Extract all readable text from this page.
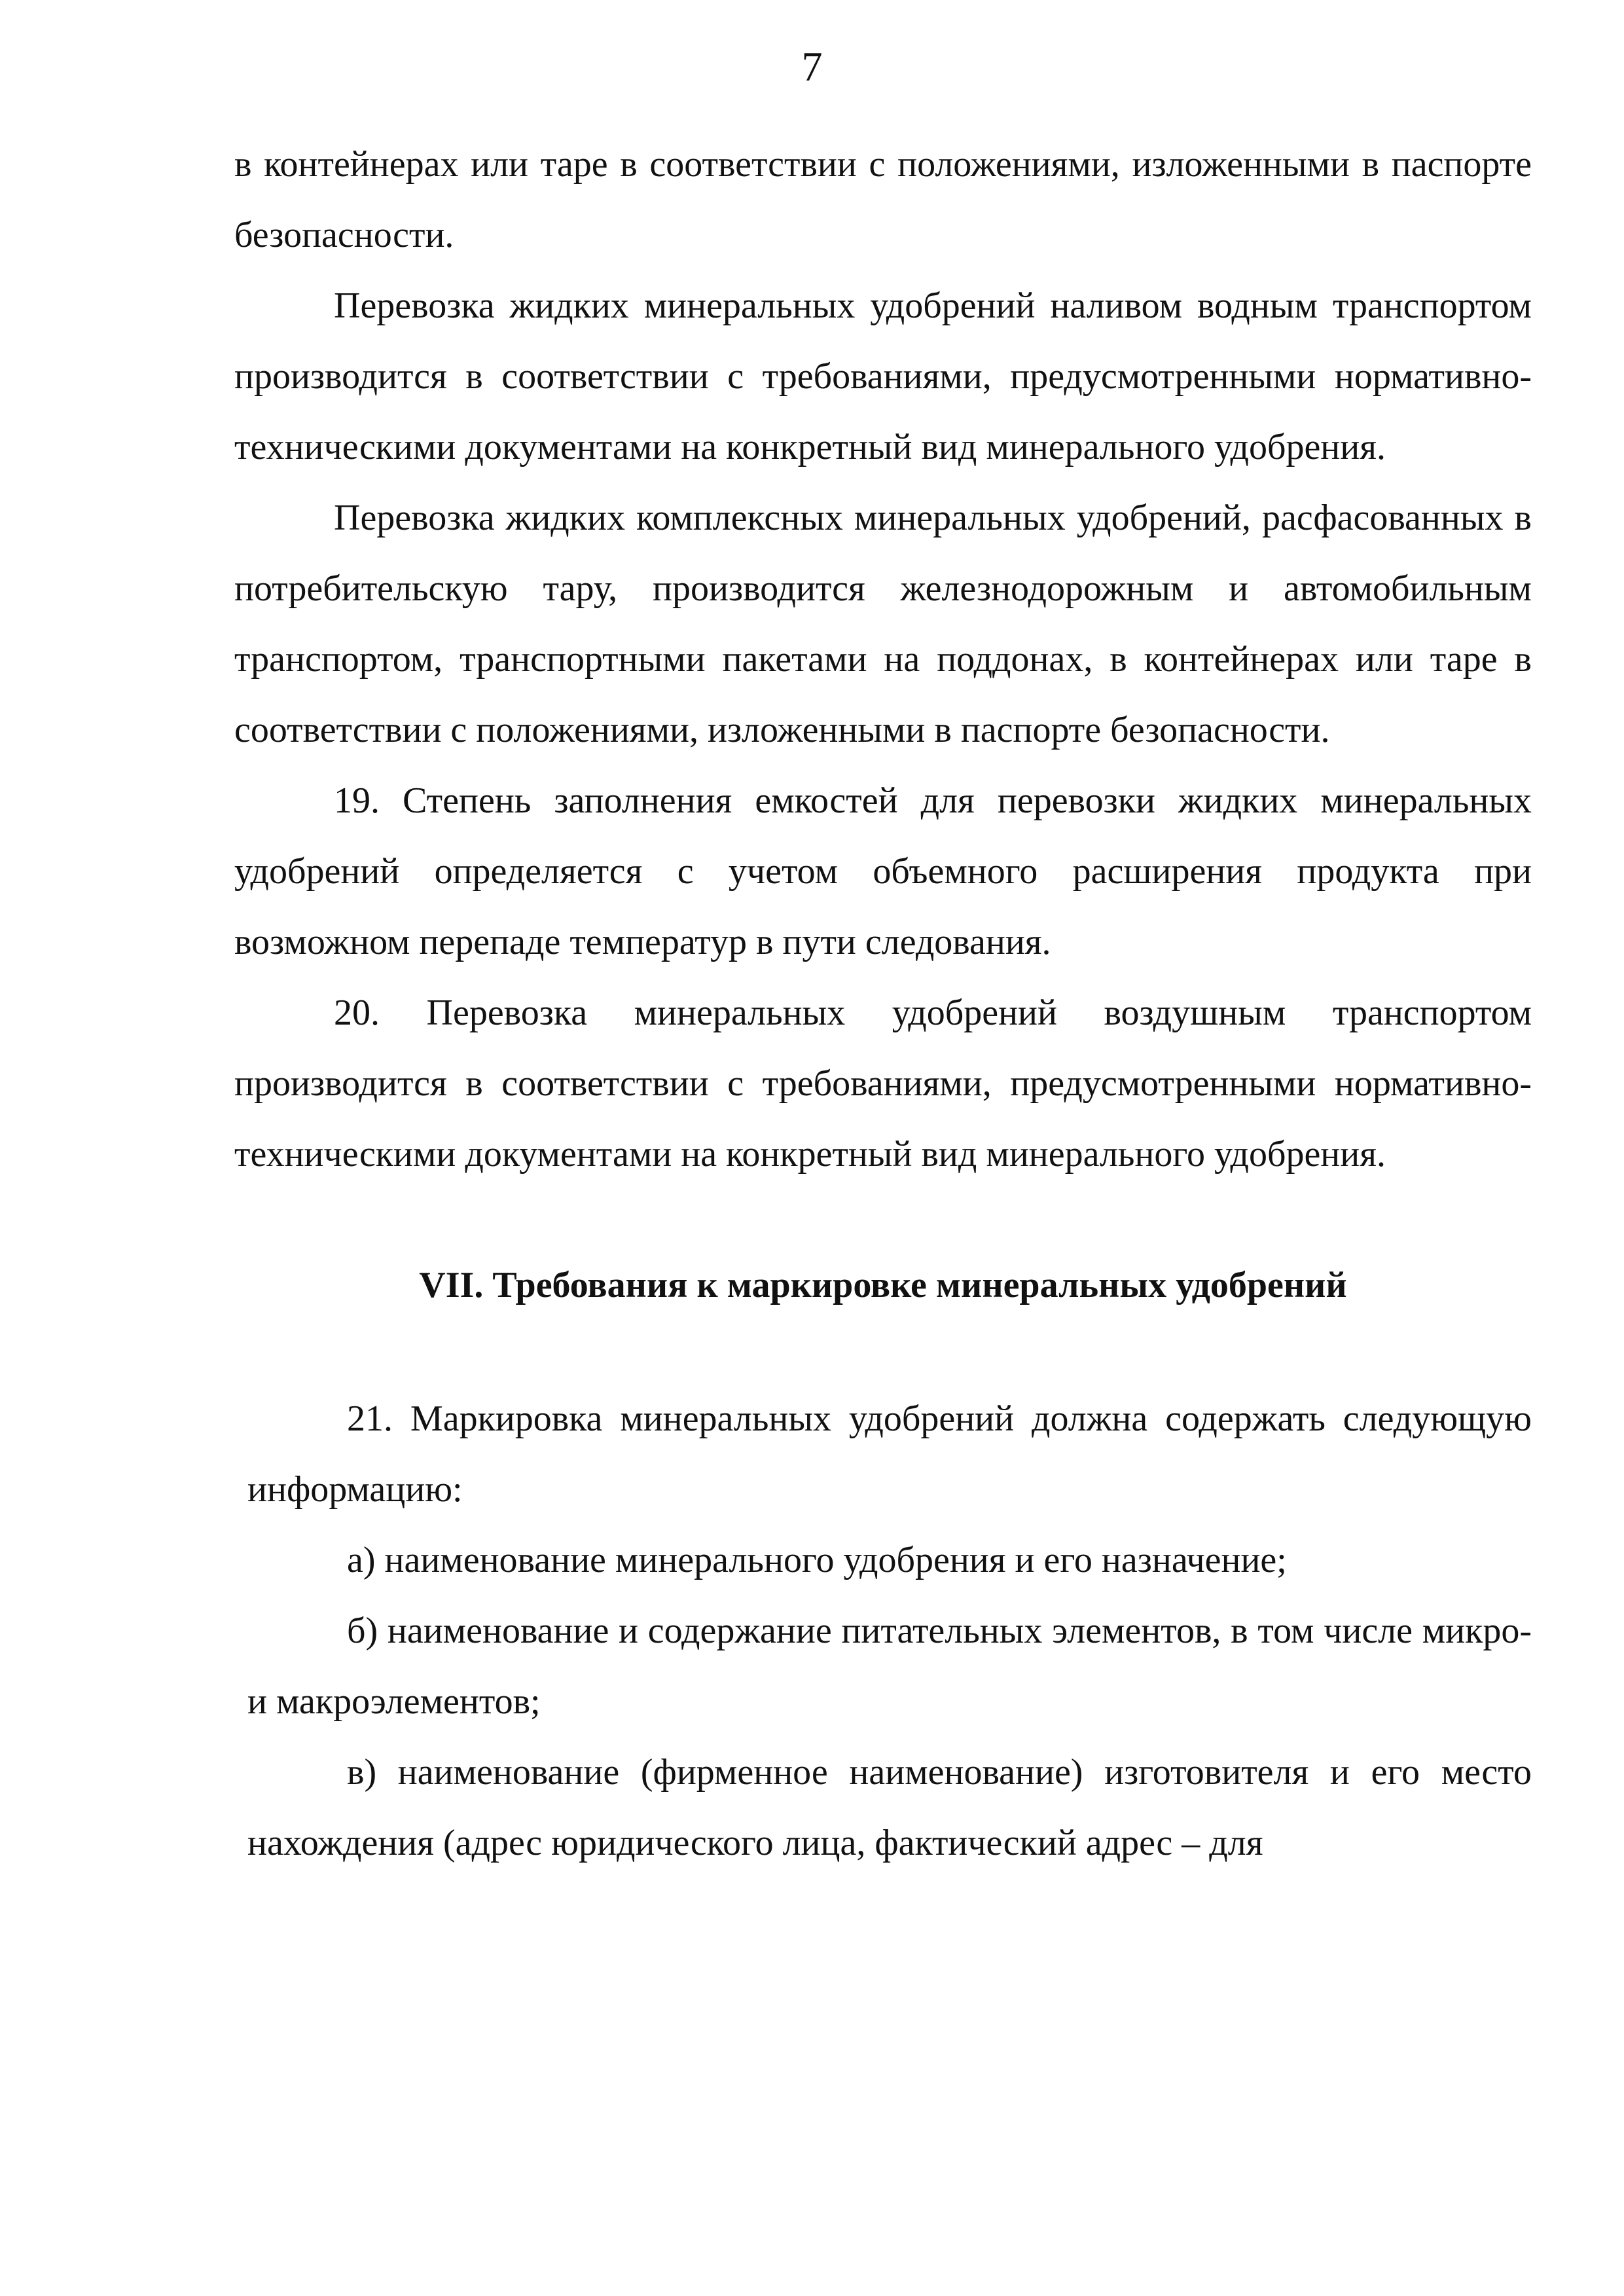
7

в контейнерах или таре в соответствии с положениями, изложенными в паспорте безопасности.

Перевозка жидких минеральных удобрений наливом водным транспортом производится в соответствии с требованиями, предусмотренными нормативно-техническими документами на конкретный вид минерального удобрения.

Перевозка жидких комплексных минеральных удобрений, расфасованных в потребительскую тару, производится железнодорожным и автомобильным транспортом, транспортными пакетами на поддонах, в контейнерах или таре в соответствии с положениями, изложенными в паспорте безопасности.

19. Степень заполнения емкостей для перевозки жидких минеральных удобрений определяется с учетом объемного расширения продукта при возможном перепаде температур в пути следования.

20. Перевозка минеральных удобрений воздушным транспортом производится в соответствии с требованиями, предусмотренными нормативно-техническими документами на конкретный вид минерального удобрения.

VII. Требования к маркировке минеральных удобрений

21. Маркировка минеральных удобрений должна содержать следующую информацию:

а) наименование минерального удобрения и его назначение;

б) наименование и содержание питательных элементов, в том числе микро- и макроэлементов;

в) наименование (фирменное наименование) изготовителя и его место нахождения (адрес юридического лица, фактический адрес – для
